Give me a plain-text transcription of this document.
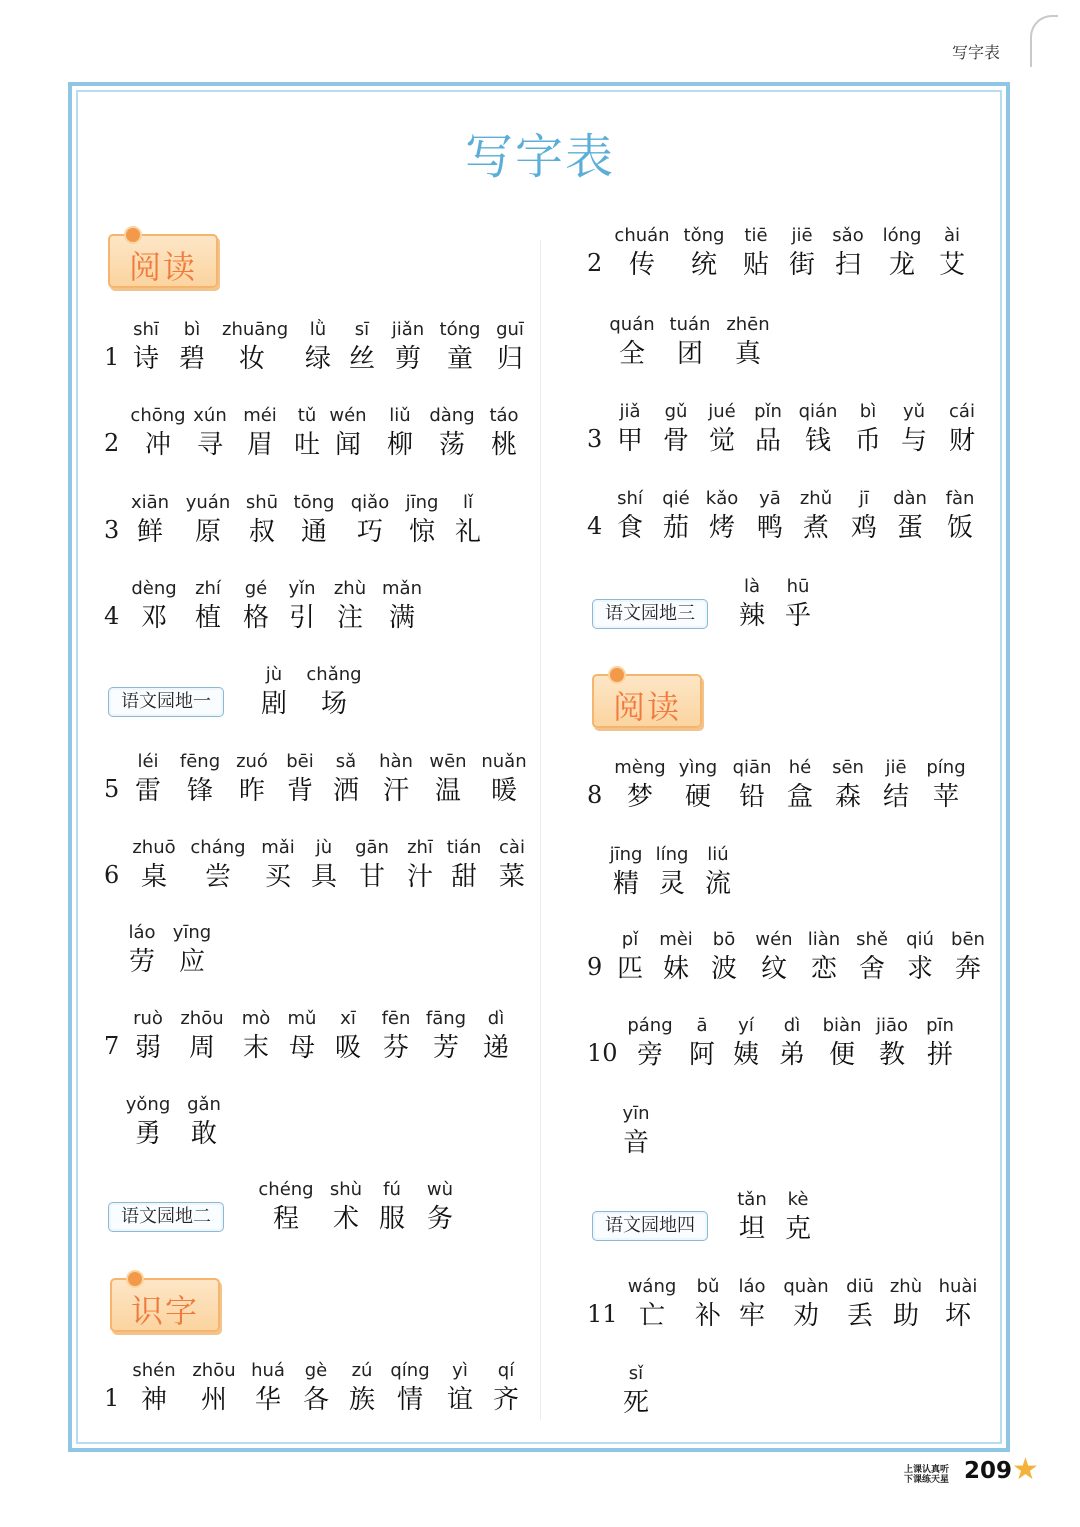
写字表
写字表
阅读
语文园地一
语文园地二
识字
语文园地三
阅读
语文园地四
上课认真听
下课练天星 209 ★
1
shī
诗
bì
碧
zhuāng
妆
lǜ
绿
sī
丝
jiǎn
剪
tóng
童
guī
归
2
chōng
冲
xún
寻
méi
眉
tǔ
吐
wén
闻
liǔ
柳
dàng
荡
táo
桃
3
xiān
鲜
yuán
原
shū
叔
tōng
通
qiǎo
巧
jīng
惊
lǐ
礼
4
dèng
邓
zhí
植
gé
格
yǐn
引
zhù
注
mǎn
满
jù
剧
chǎng
场
5
léi
雷
fēng
锋
zuó
昨
bēi
背
sǎ
洒
hàn
汗
wēn
温
nuǎn
暖
6
zhuō
桌
cháng
尝
mǎi
买
jù
具
gān
甘
zhī
汁
tián
甜
cài
菜
láo
劳
yīng
应
7
ruò
弱
zhōu
周
mò
末
mǔ
母
xī
吸
fēn
芬
fāng
芳
dì
递
yǒng
勇
gǎn
敢
chéng
程
shù
术
fú
服
wù
务
1
shén
神
zhōu
州
huá
华
gè
各
zú
族
qíng
情
yì
谊
qí
齐
2
chuán
传
tǒng
统
tiē
贴
jiē
街
sǎo
扫
lóng
龙
ài
艾
quán
全
tuán
团
zhēn
真
3
jiǎ
甲
gǔ
骨
jué
觉
pǐn
品
qián
钱
bì
币
yǔ
与
cái
财
4
shí
食
qié
茄
kǎo
烤
yā
鸭
zhǔ
煮
jī
鸡
dàn
蛋
fàn
饭
là
辣
hū
乎
8
mèng
梦
yìng
硬
qiān
铅
hé
盒
sēn
森
jiē
结
píng
苹
jīng
精
líng
灵
liú
流
9
pǐ
匹
mèi
妹
bō
波
wén
纹
liàn
恋
shě
舍
qiú
求
bēn
奔
10
páng
旁
ā
阿
yí
姨
dì
弟
biàn
便
jiāo
教
pīn
拼
yīn
音
tǎn
坦
kè
克
11
wáng
亡
bǔ
补
láo
牢
quàn
劝
diū
丢
zhù
助
huài
坏
sǐ
死
